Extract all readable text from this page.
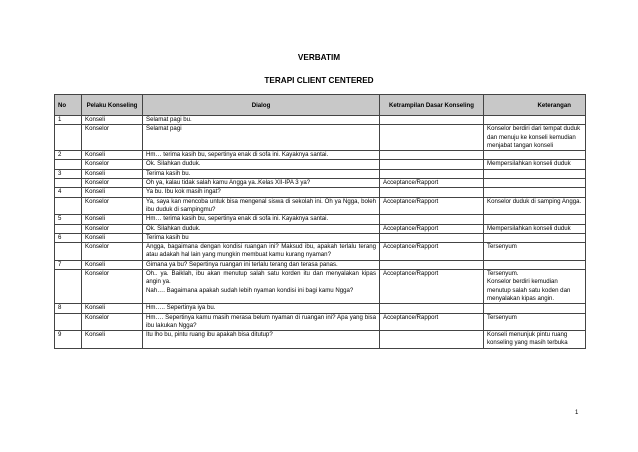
VERBATIM
TERAPI CLIENT CENTERED
No	Pelaku Konseling	Dialog	Ketrampilan Dasar Konseling	Keterangan
1	Konseli	Selamat pagi bu.		
	Konselor	Selamat pagi		Konselor berdiri dari tempat duduk dan menuju ke konseli kemudian menjabat tangan konseli
2	Konseli	Hm… terima kasih bu, sepertinya enak di sofa ini. Kayaknya santai.		
	Konselor	Ok. Silahkan duduk.		Mempersilahkan konseli duduk
3	Konseli	Terima kasih bu.		
	Konselor	Oh ya, kalau tidak salah kamu Angga ya..Kelas XII-IPA 3 ya?	Acceptance/Rapport	
4	Konseli	Ya bu. Ibu kok masih ingat?		
	Konselor	Ya, saya kan mencoba untuk bisa mengenal siswa di sekolah ini. Oh ya Ngga, boleh ibu duduk di sampingmu?	Acceptance/Rapport	Konselor duduk di samping Angga.
5	Konseli	Hm… terima kasih bu, sepertinya enak di sofa ini. Kayaknya santai.		
	Konselor	Ok. Silahkan duduk.	Acceptance/Rapport	Mempersilahkan konseli duduk
6	Konseli	Terima kasih bu		
	Konselor	Angga, bagaimana dengan kondisi ruangan ini? Maksud ibu, apakah terlalu terang atau adakah hal lain yang mungkin membuat kamu kurang nyaman?	Acceptance/Rapport	Tersenyum
7	Konseli	Gimana ya bu? Sepertinya ruangan ini terlalu terang dan terasa panas.		
	Konselor	Oh.. ya. Baiklah, ibu akan menutup salah satu korden itu dan menyalakan kipas angin ya.
Nah…. Bagaimana apakah sudah lebih nyaman kondisi ini bagi kamu Ngga?	Acceptance/Rapport	Tersenyum.
Konselor berdiri kemudian menutup salah satu koden dan menyalakan kipas angin.
8	Konseli	Hm….. Sepertinya iya bu.		
	Konselor	Hm…. Sepertinya kamu masih merasa belum nyaman di ruangan ini? Apa yang bisa ibu lakukan Ngga?	Acceptance/Rapport	Tersenyum
9	Konseli	Itu lho bu, pintu ruang ibu apakah bisa ditutup?		Konseli menunjuk pintu ruang konseling yang masih terbuka
1
